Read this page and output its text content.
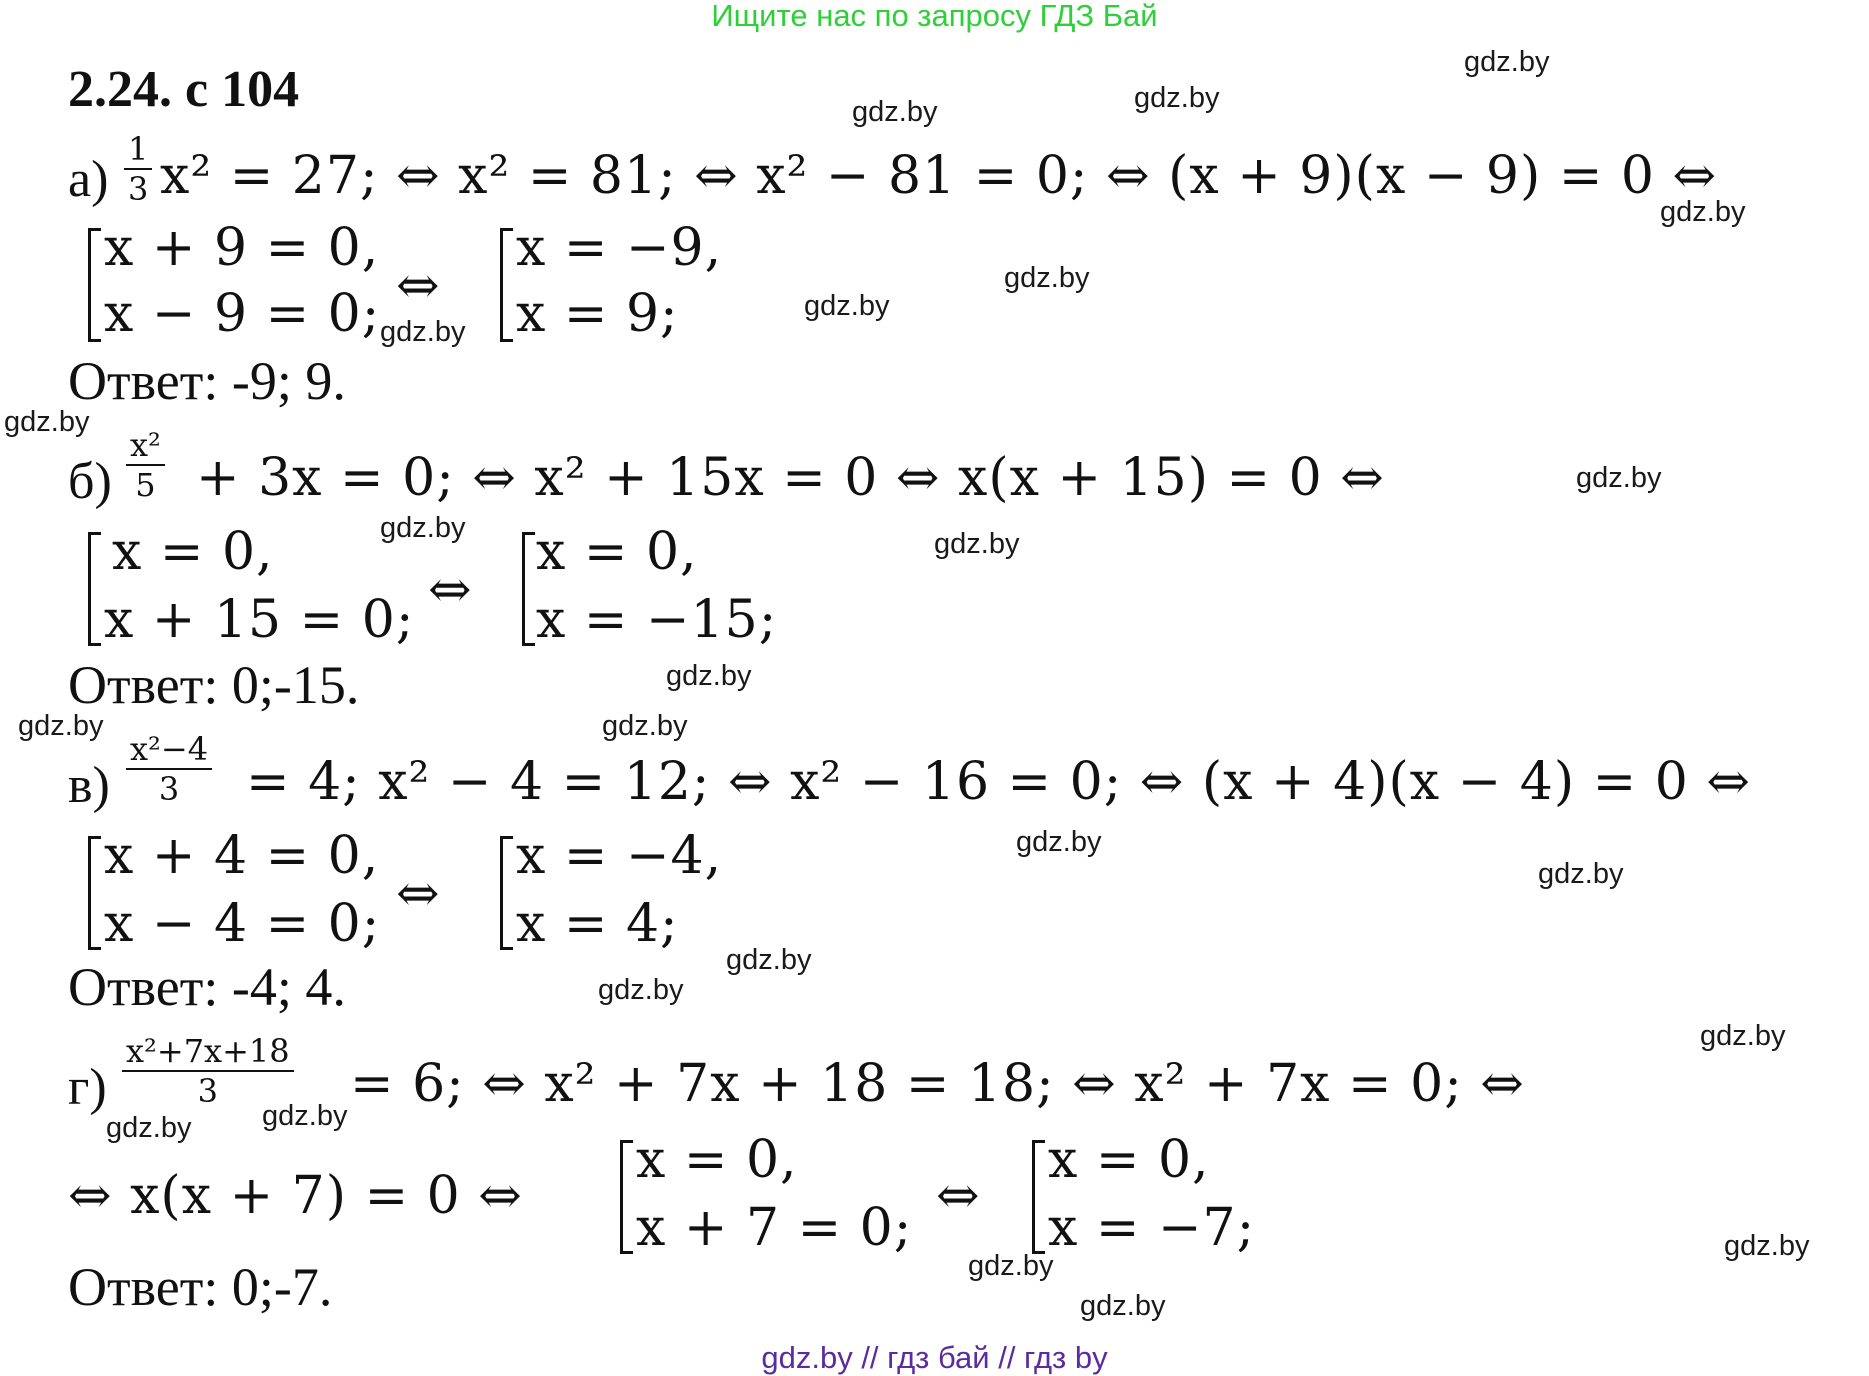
Ищите нас по запросу ГДЗ Бай
2.24. с 104
$а) \frac{1}{3} x^2 = 27$; ⇔ x² = 81; ⇔ x² − 81 = 0; ⇔ (x + 9)(x − 9) = 0 ⇔
x + 9 = 0,
x − 9 = 0; ⇔
x = −9,
x = 9;
Ответ: -9; 9.
$б) \frac{\text{x²}}{5} + 3x = 0$; ⇔ x² + 15x = 0 ⇔ x(x + 15) = 0 ⇔
x = 0,
x + 15 = 0; ⇔
x = 0,
x = −15;
Ответ: 0;-15.
$в) \frac{\text{x²−4}}{3} = 4$; x² − 4 = 12; ⇔ x² − 16 = 0; ⇔ (x + 4)(x − 4) = 0 ⇔
x + 4 = 0,
x − 4 = 0; ⇔
x = −4,
x = 4;
Ответ: -4; 4.
$г) \frac{\text{x²+7x+18}}{3} = 6$; ⇔ x² + 7x + 18 = 18; ⇔ x² + 7x = 0; ⇔
⇔ x(x + 7) = 0 ⇔
x = 0,
x + 7 = 0;
⇔
x = 0,
x = −7;
Ответ: 0;-7.
gdz.by
gdz.by
gdz.by
gdz.by
gdz.by
gdz.by
gdz.by
gdz.by
gdz.by
gdz.by	gdz.by
gdz.by
gdz.by	gdz.by
gdz.by
gdz.by
gdz.by
gdz.by
gdz.by
gdz.by gdz.by
gdz.by
gdz.by
gdz.by
gdz.by // гдз бай // гдз by
